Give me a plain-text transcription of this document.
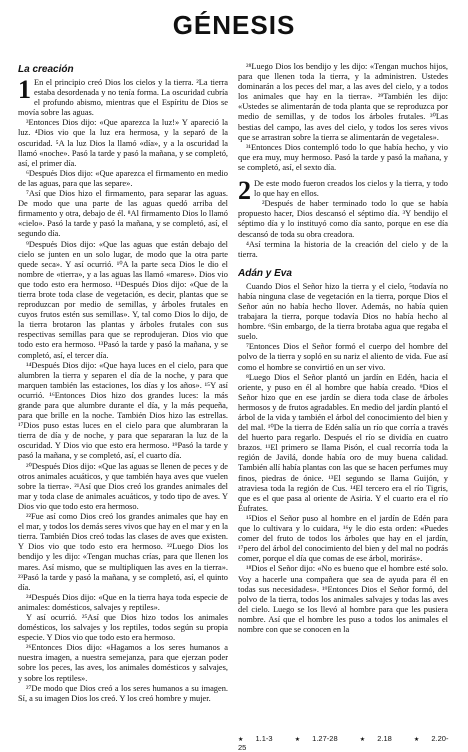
GÉNESIS
La creación

1 En el principio creó Dios los cielos y la tierra. ²La tierra estaba desordenada y no tenía forma. La oscuridad cubría el profundo abismo, mientras que el Espíritu de Dios se movía sobre las aguas.

³Entonces Dios dijo: «Que aparezca la luz!» Y apareció la luz. ⁴Dios vio que la luz era hermosa, y la separó de la oscuridad. ⁵A la luz Dios la llamó «día», y a la oscuridad la llamó «noche». Pasó la tarde y pasó la mañana, y se completó, así, el primer día.

⁶Después Dios dijo: «Que aparezca el firmamento en medio de las aguas, para que las separe».

⁷Así que Dios hizo el firmamento, para separar las aguas. De modo que una parte de las aguas quedó arriba del firmamento y otra, debajo de él. ⁸Al firmamento Dios lo llamó «cielo». Pasó la tarde y pasó la mañana, y se completó, así, el segundo día.

⁹Después Dios dijo: «Que las aguas que están debajo del cielo se junten en un solo lugar, de modo que la otra parte quede seca». Y así ocurrió. ¹⁰A la parte seca Dios le dio el nombre de «tierra», y a las aguas las llamó «mares». Dios vio que todo esto era hermoso. ¹¹Después Dios dijo: «Que de la tierra brote toda clase de vegetación, es decir, plantas que se reproduzcan por medio de semillas, y árboles frutales en cuyos frutos estén sus semillas». Y, tal como Dios lo dijo, de la tierra brotaron las plantas y árboles frutales con sus respectivas semillas para que se reprodujeran. Dios vio que todo esto era hermoso. ¹³Pasó la tarde y pasó la mañana, y se completó, así, el tercer día.

¹⁴Después Dios dijo: «Que haya luces en el cielo, para que alumbren la tierra y separen el día de la noche, y para que marquen también las estaciones, los días y los años». ¹⁵Y así ocurrió. ¹⁶Entonces Dios hizo dos grandes luces: la más grande para que alumbre durante el día, y la más pequeña, para que brille en la noche. También Dios hizo las estrellas. ¹⁷Dios puso estas luces en el cielo para que alumbraran la tierra de día y de noche, y para que separaran la luz de la oscuridad. Y Dios vio que esto era hermoso. ¹⁹Pasó la tarde y pasó la mañana, y se completó, así, el cuarto día.

²⁰Después Dios dijo: «Que las aguas se llenen de peces y de otros animales acuáticos, y que también haya aves que vuelen sobre la tierra». ²¹Así que Dios creó los grandes animales del mar y toda clase de animales acuáticos, y todo tipo de aves. Y Dios vio que todo esto era hermoso.

²²Fue así como Dios creó los grandes animales que hay en el mar, y todos los demás seres vivos que hay en el mar y en la tierra. También Dios creó todas las clases de aves que existen. Y Dios vio que todo esto era hermoso. ²²Luego Dios los bendijo y les dijo: «Tengan muchas crías, para que llenen los mares. Así mismo, que se multipliquen las aves en la tierra». ²³Pasó la tarde y pasó la mañana, y se completó, así, el quinto día.

²⁴Después Dios dijo: «Que en la tierra haya toda especie de animales: domésticos, salvajes y reptiles».

Y así ocurrió. ²⁵Así que Dios hizo todos los animales domésticos, los salvajes y los reptiles, todos según su propia especie. Y Dios vio que todo esto era hermoso.

²⁶Entonces Dios dijo: «Hagamos a los seres humanos a nuestra imagen, a nuestra semejanza, para que ejerzan poder sobre los peces, las aves, los animales domésticos y salvajes, y sobre los reptiles».

²⁷De modo que Dios creó a los seres humanos a su imagen. Sí, a su imagen Dios los creó. Y los creó hombre y mujer.

²⁸Luego Dios los bendijo y les dijo: «Tengan muchos hijos, para que llenen toda la tierra, y la administren. Ustedes dominarán a los peces del mar, a las aves del cielo, y a todos los animales que hay en la tierra». ²⁹También les dijo: «Ustedes se alimentarán de toda planta que se reproduzca por medio de semillas, y de todos los árboles frutales. ³⁰Las bestias del campo, las aves del cielo, y todos los seres vivos que se arrastran sobre la tierra se alimentarán de vegetales».

³¹Entonces Dios contempló todo lo que había hecho, y vio que era muy, muy hermoso. Pasó la tarde y pasó la mañana, y se completó, así, el sexto día.

2 De este modo fueron creados los cielos y la tierra, y todo lo que hay en ellos.

²Después de haber terminado todo lo que se había propuesto hacer, Dios descansó el séptimo día. ³Y bendijo el séptimo día y lo instituyó como día santo, porque en ese día descansó de toda su obra creadora.

⁴Así termina la historia de la creación del cielo y de la tierra.

Adán y Eva

Cuando Dios el Señor hizo la tierra y el cielo, ⁵todavía no había ninguna clase de vegetación en la tierra, porque Dios el Señor aún no había hecho llover. Además, no había quien trabajara la tierra, porque todavía Dios no había hecho al hombre. ⁶Sin embargo, de la tierra brotaba agua que regaba el suelo.

⁷Entonces Dios el Señor formó el cuerpo del hombre del polvo de la tierra y sopló en su nariz el aliento de vida. Fue así como el hombre se convirtió en un ser vivo.

⁸Luego Dios el Señor plantó un jardín en Edén, hacia el oriente, y puso en él al hombre que había creado. ⁹Dios el Señor hizo que en ese jardín se diera toda clase de árboles hermosos y de frutos agradables. En medio del jardín plantó el árbol de la vida y también el árbol del conocimiento del bien y del mal. ¹⁰De la tierra de Edén salía un río que corría a través del huerto para regarlo. Después el río se dividía en cuatro brazos. ¹¹El primero se llama Pisón, el cual recorría toda la región de Javilá, donde había oro de muy buena calidad. También allí había plantas con las que se hacen perfumes muy finos, piedras de ónice. ¹³El segundo se llama Guijón, y atraviesa toda la región de Cus. ¹⁴El tercero era el río Tigris, que es el que pasa al oriente de Asiria. Y el cuarto era el río Éufrates.

¹⁵Dios el Señor puso al hombre en el jardín de Edén para que lo cultivara y lo cuidara, ¹⁶y le dio esta orden: «Puedes comer del fruto de todos los árboles que hay en el jardín, ¹⁷pero del árbol del conocimiento del bien y del mal no podrás comer, porque el día que comas de ese árbol, morirás».

¹⁸Dios el Señor dijo: «No es bueno que el hombre esté solo. Voy a hacerle una compañera que sea de ayuda para él en todas sus necesidades». ¹⁹Entonces Dios el Señor formó, del polvo de la tierra, todos los animales salvajes y todas las aves del cielo. Luego se los llevó al hombre para que les pusiera nombre. Así que el hombre les puso a todos los animales el nombre con que se conocen en la

★ 1.1-3	★ 1.27-28	★ 2.18	★ 2.20-25
